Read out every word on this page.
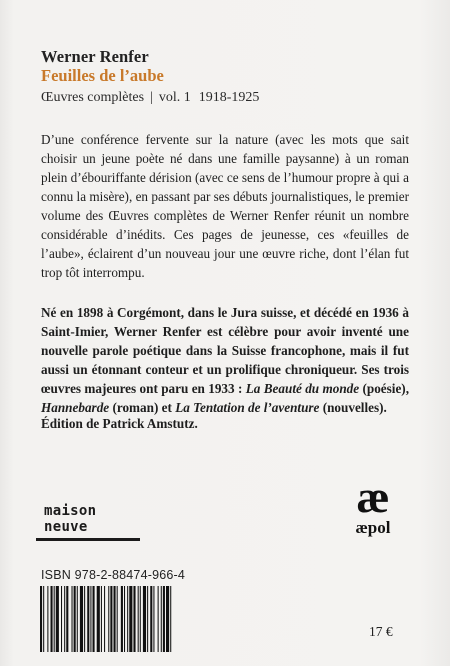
Werner Renfer
Feuilles de l’aube
Œuvres complètes | vol. 1 1918-1925

D’une conférence fervente sur la nature (avec les mots que sait choisir un jeune poète né dans une famille paysanne) à un roman plein d’ébouriffante dérision (avec ce sens de l’humour propre à qui a connu la misère), en passant par ses débuts journalistiques, le premier volume des Œuvres complètes de Werner Renfer réunit un nombre considérable d’inédits. Ces pages de jeunesse, ces «feuilles de l’aube», éclairent d’un nouveau jour une œuvre riche, dont l’élan fut trop tôt interrompu.

Né en 1898 à Corgémont, dans le Jura suisse, et décédé en 1936 à Saint-Imier, Werner Renfer est célèbre pour avoir inventé une nouvelle parole poétique dans la Suisse francophone, mais il fut aussi un étonnant conteur et un prolifique chroniqueur. Ses trois œuvres majeures ont paru en 1933 : La Beauté du monde (poésie), Hannebarde (roman) et La Tentation de l’aventure (nouvelles).

Édition de Patrick Amstutz.

maison neuve
æ
æpol
ISBN 978-2-88474-966-4
17 €
